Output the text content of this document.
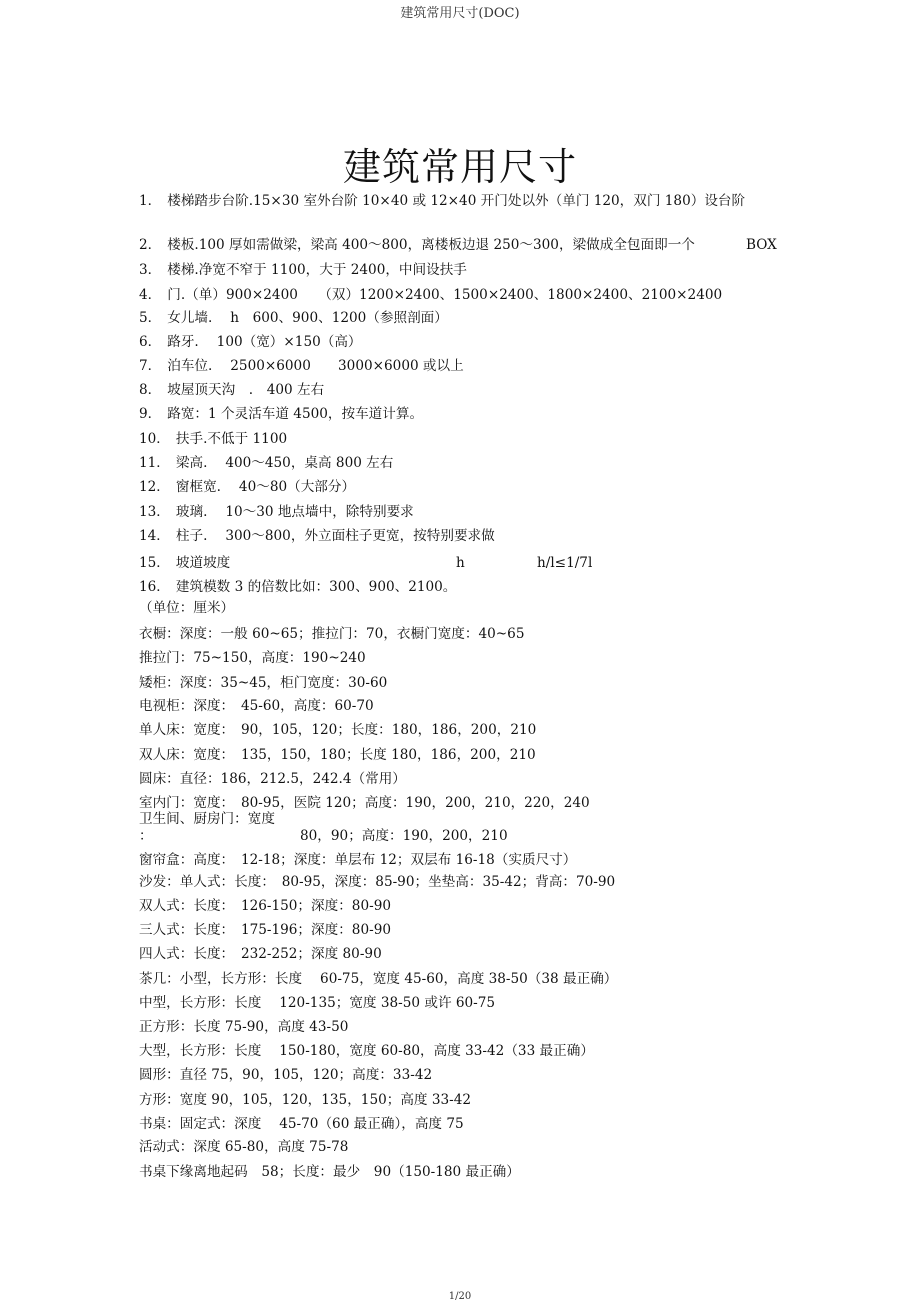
建筑常用尺寸(DOC)
建筑常用尺寸
1． 楼梯踏步台阶.15×30 室外台阶 10×40 或 12×40 开门处以外（单门 120，双门 180）设台阶
2． 楼板.100 厚如需做梁，梁高 400～800，离楼板边退 250～300，梁做成全包面即一个	BOX
3． 楼梯.净宽不窄于 1100，大于 2400，中间设扶手
4． 门.（单）900×2400　　（双）1200×2400、1500×2400、1800×2400、2100×2400
5． 女儿墙.　 h　600、900、1200（参照剖面）
6． 路牙.　 100（宽）×150（高）
7． 泊车位.　 2500×6000　　3000×6000 或以上
8． 坡屋顶天沟　.　400 左右
9． 路宽：1 个灵活车道 4500，按车道计算。
10． 扶手.不低于 1100
11． 梁高.　 400～450，桌高 800 左右
12． 窗框宽.　 40～80（大部分）
13． 玻璃.　 10～30 地点墙中，除特别要求
14． 柱子.　 300～800，外立面柱子更宽，按特别要求做
15． 坡道坡度	h	h/l≤1/7l
16． 建筑模数 3 的倍数比如：300、900、2100。
（单位：厘米）
衣橱：深度：一般 60~65；推拉门：70，衣橱门宽度：40~65
推拉门：75~150，高度：190~240
矮柜：深度：35~45，柜门宽度：30-60
电视柜：深度：　45-60，高度：60-70
单人床：宽度：　90，105，120；长度：180，186，200，210
双人床：宽度：　135，150，180；长度 180，186，200，210
圆床：直径：186，212.5，242.4（常用）
室内门：宽度：　80-95，医院 120；高度：190，200，210，220，240
卫生间、厨房门：宽度
：	80，90；高度：190，200，210
窗帘盒：高度：　12-18；深度：单层布 12；双层布 16-18（实质尺寸）
沙发：单人式：长度：　80-95，深度：85-90；坐垫高：35-42；背高：70-90
双人式：长度：　126-150；深度：80-90
三人式：长度：　175-196；深度：80-90
四人式：长度：　232-252；深度 80-90
茶几：小型，长方形：长度　 60-75，宽度 45-60，高度 38-50（38 最正确）
中型，长方形：长度　 120-135；宽度 38-50 或许 60-75
正方形：长度 75-90，高度 43-50
大型，长方形：长度　 150-180，宽度 60-80，高度 33-42（33 最正确）
圆形：直径 75，90，105，120；高度：33-42
方形：宽度 90，105，120，135，150；高度 33-42
书桌：固定式：深度　 45-70（60 最正确），高度 75
活动式：深度 65-80，高度 75-78
书桌下缘离地起码　58；长度：最少　90（150-180 最正确）
1/20
